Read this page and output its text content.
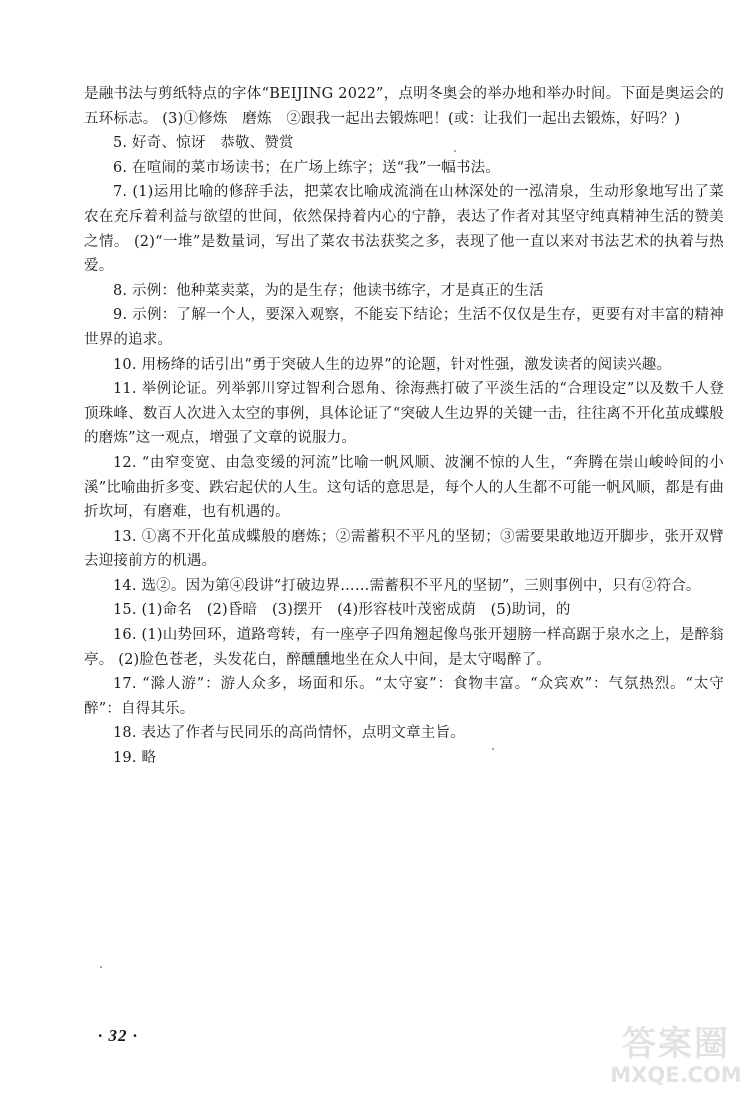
是融书法与剪纸特点的字体“BEIJING 2022”，点明冬奥会的举办地和举办时间。下面是奥运会的五环标志。 (3)①修炼　磨炼　②跟我一起出去锻炼吧！(或：让我们一起出去锻炼，好吗？)

5. 好奇、惊讶　恭敬、赞赏

6. 在喧闹的菜市场读书；在广场上练字；送“我”一幅书法。

7. (1)运用比喻的修辞手法，把菜农比喻成流淌在山林深处的一泓清泉，生动形象地写出了菜农在充斥着利益与欲望的世间，依然保持着内心的宁静，表达了作者对其坚守纯真精神生活的赞美之情。 (2)“一堆”是数量词，写出了菜农书法获奖之多，表现了他一直以来对书法艺术的执着与热爱。

8. 示例：他种菜卖菜，为的是生存；他读书练字，才是真正的生活

9. 示例：了解一个人，要深入观察，不能妄下结论；生活不仅仅是生存，更要有对丰富的精神世界的追求。

10. 用杨绛的话引出“勇于突破人生的边界”的论题，针对性强，激发读者的阅读兴趣。

11. 举例论证。列举郭川穿过智利合恩角、徐海燕打破了平淡生活的“合理设定”以及数千人登顶珠峰、数百人次进入太空的事例，具体论证了“突破人生边界的关键一击，往往离不开化茧成蝶般的磨炼”这一观点，增强了文章的说服力。

12. “由窄变宽、由急变缓的河流”比喻一帆风顺、波澜不惊的人生，“奔腾在崇山峻岭间的小溪”比喻曲折多变、跌宕起伏的人生。这句话的意思是，每个人的人生都不可能一帆风顺，都是有曲折坎坷，有磨难，也有机遇的。

13. ①离不开化茧成蝶般的磨炼；②需蓄积不平凡的坚韧；③需要果敢地迈开脚步，张开双臂去迎接前方的机遇。

14. 选②。因为第④段讲“打破边界……需蓄积不平凡的坚韧”，三则事例中，只有②符合。

15. (1)命名　(2)昏暗　(3)摆开　(4)形容枝叶茂密成荫　(5)助词，的

16. (1)山势回环，道路弯转，有一座亭子四角翘起像鸟张开翅膀一样高踞于泉水之上，是醉翁亭。 (2)脸色苍老，头发花白，醉醺醺地坐在众人中间，是太守喝醉了。

17. “滁人游”：游人众多，场面和乐。“太守宴”：食物丰富。“众宾欢”：气氛热烈。“太守醉”：自得其乐。

18. 表达了作者与民同乐的高尚情怀，点明文章主旨。

19. 略

· 32 ·	答案圈
MXQE.COM
